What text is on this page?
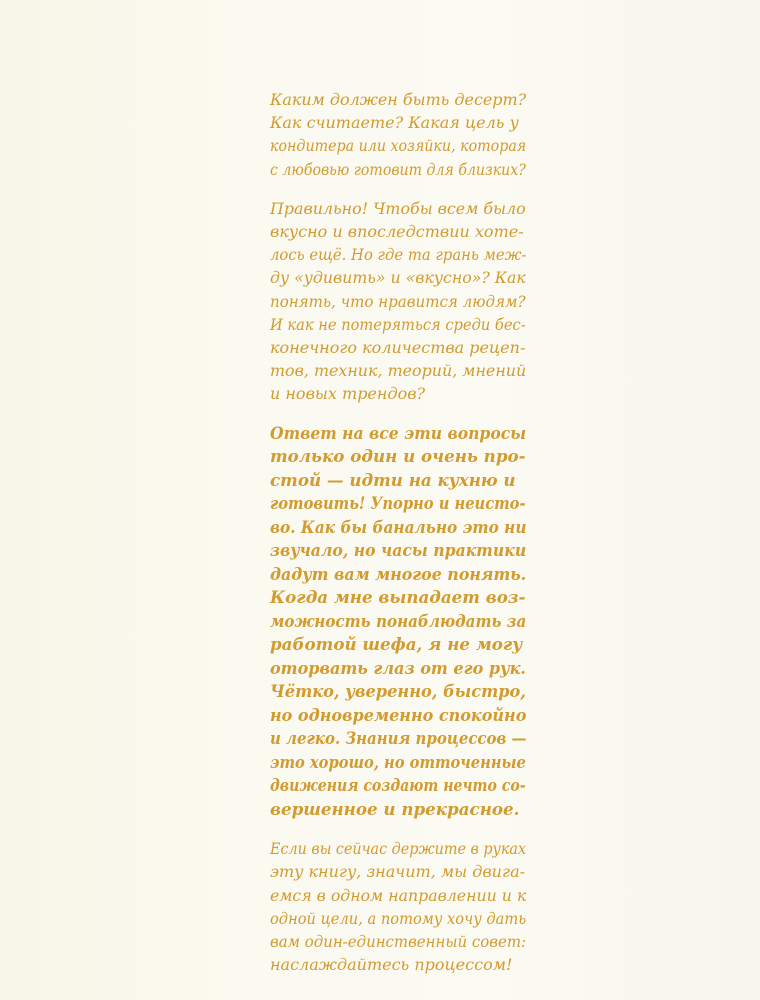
Каким должен быть десерт?
Как считаете? Какая цель у
кондитера или хозяйки, которая
с любовью готовит для близких?

Правильно! Чтобы всем было
вкусно и впоследствии хоте-
лось ещё. Но где та грань меж-
ду «удивить» и «вкусно»? Как
понять, что нравится людям?
И как не потеряться среди бес-
конечного количества рецеп-
тов, техник, теорий, мнений
и новых трендов?

Ответ на все эти вопросы
только один и очень про-
стой — идти на кухню и
готовить! Упорно и неисто-
во. Как бы банально это ни
звучало, но часы практики
дадут вам многое понять.
Когда мне выпадает воз-
можность понаблюдать за
работой шефа, я не могу
оторвать глаз от его рук.
Чётко, уверенно, быстро,
но одновременно спокойно
и легко. Знания процессов —
это хорошо, но отточенные
движения создают нечто со-
вершенное и прекрасное.

Если вы сейчас держите в руках
эту книгу, значит, мы двига-
емся в одном направлении и к
одной цели, а потому хочу дать
вам один-единственный совет:
наслаждайтесь процессом!
